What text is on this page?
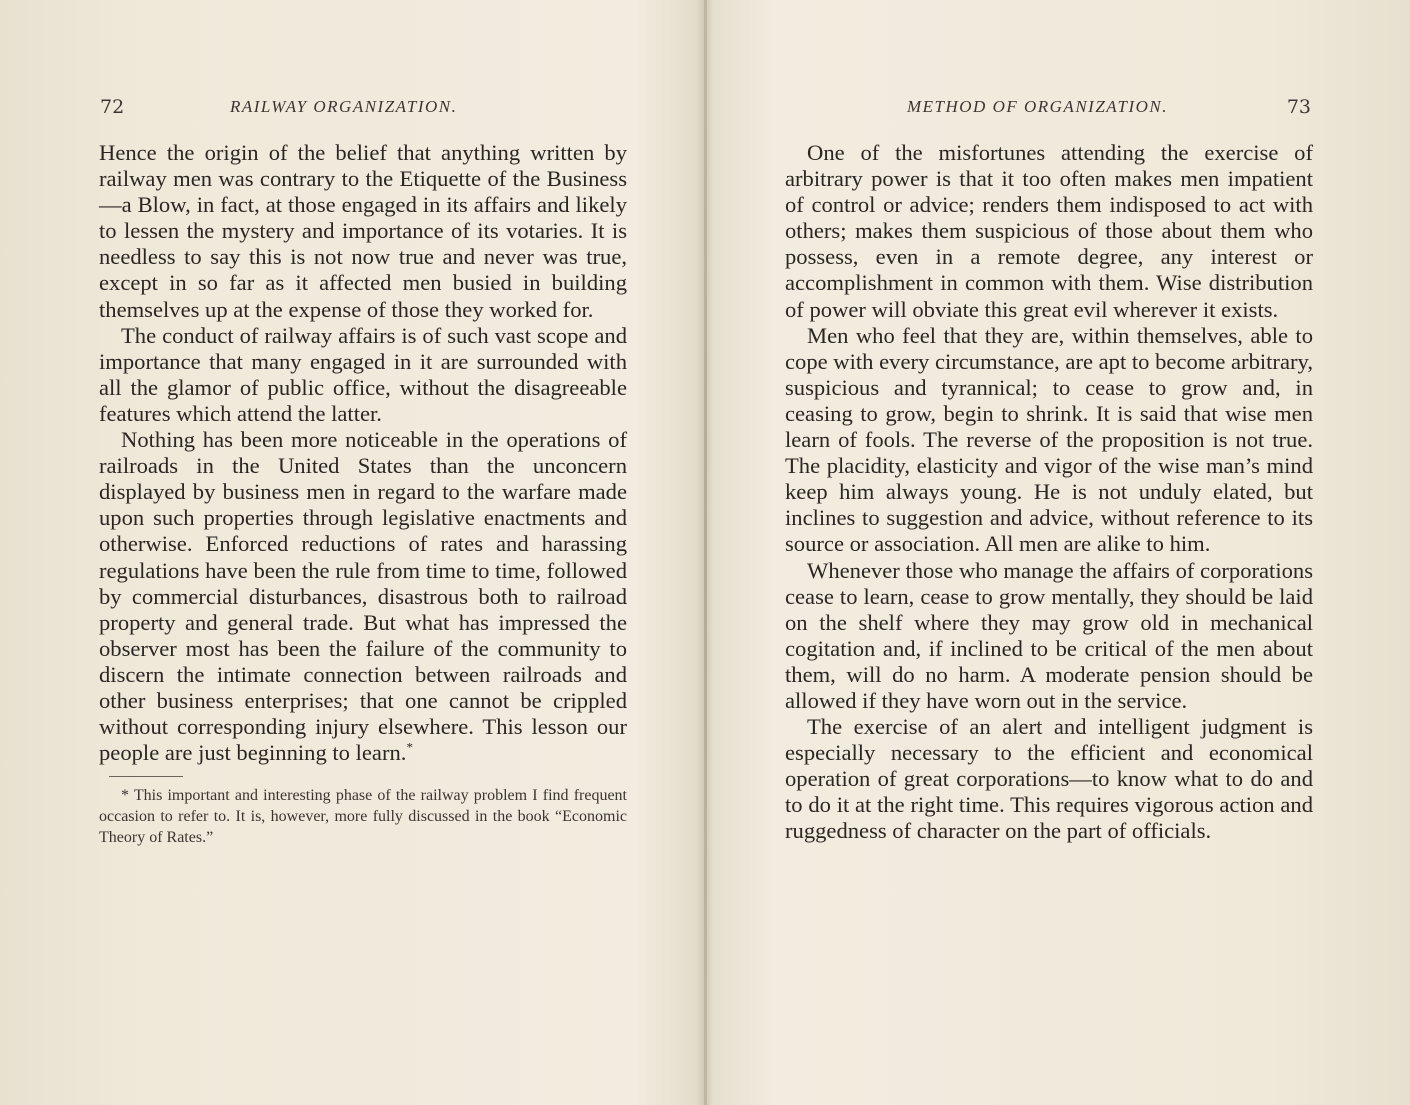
72	RAILWAY ORGANIZATION.

Hence the origin of the belief that anything written by railway men was contrary to the Etiquette of the Business—a Blow, in fact, at those engaged in its affairs and likely to lessen the mystery and importance of its votaries. It is needless to say this is not now true and never was true, except in so far as it affected men busied in building themselves up at the expense of those they worked for.

The conduct of railway affairs is of such vast scope and importance that many engaged in it are surrounded with all the glamor of public office, without the disagreeable features which attend the latter.

Nothing has been more noticeable in the operations of railroads in the United States than the unconcern displayed by business men in regard to the warfare made upon such properties through legislative enactments and otherwise. Enforced reductions of rates and harassing regulations have been the rule from time to time, followed by commercial disturbances, disastrous both to railroad property and general trade. But what has impressed the observer most has been the failure of the community to discern the intimate connection between railroads and other business enterprises; that one cannot be crippled without corresponding injury elsewhere. This lesson our people are just beginning to learn.*

* This important and interesting phase of the railway problem I find frequent occasion to refer to. It is, however, more fully discussed in the book “Economic Theory of Rates.”

METHOD OF ORGANIZATION.	73

One of the misfortunes attending the exercise of arbitrary power is that it too often makes men impatient of control or advice; renders them indisposed to act with others; makes them suspicious of those about them who possess, even in a remote degree, any interest or accomplishment in common with them. Wise distribution of power will obviate this great evil wherever it exists.

Men who feel that they are, within themselves, able to cope with every circumstance, are apt to become arbitrary, suspicious and tyrannical; to cease to grow and, in ceasing to grow, begin to shrink. It is said that wise men learn of fools. The reverse of the proposition is not true. The placidity, elasticity and vigor of the wise man’s mind keep him always young. He is not unduly elated, but inclines to suggestion and advice, without reference to its source or association. All men are alike to him.

Whenever those who manage the affairs of corporations cease to learn, cease to grow mentally, they should be laid on the shelf where they may grow old in mechanical cogitation and, if inclined to be critical of the men about them, will do no harm. A moderate pension should be allowed if they have worn out in the service.

The exercise of an alert and intelligent judgment is especially necessary to the efficient and economical operation of great corporations—to know what to do and to do it at the right time. This requires vigorous action and ruggedness of character on the part of officials.
